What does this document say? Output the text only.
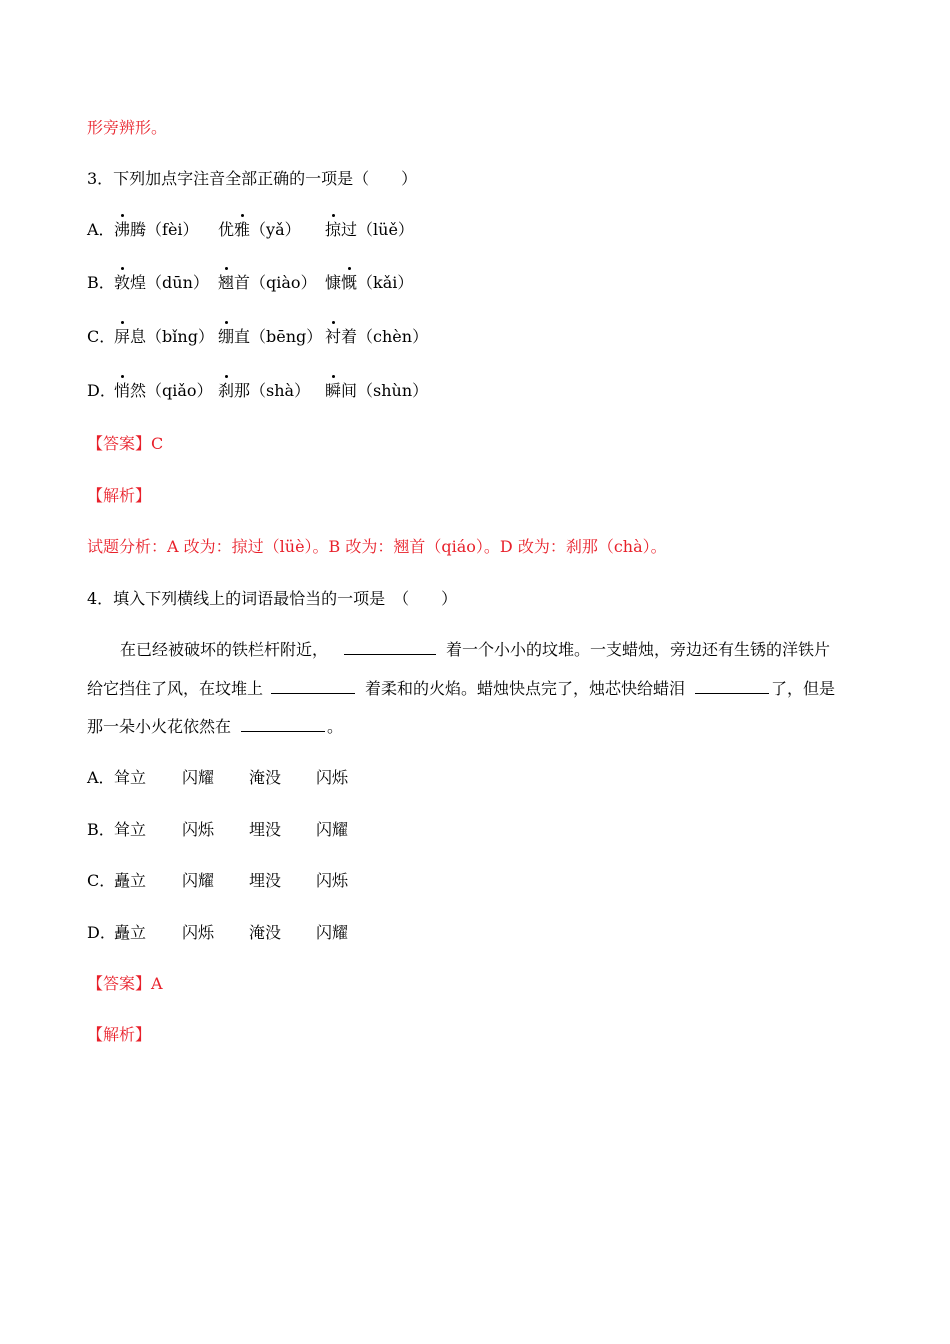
形旁辨形。
3．下列加点字注音全部正确的一项是（　　）
A． 沸腾（fèi） 优雅（yǎ） 掠过（lüě）
B． 敦煌（dūn） 翘首（qiào） 慷慨（kǎi）
C．
屏息（bǐng） 绷直（bēng） 衬着（chèn）
D．
悄然（qiǎo） 刹那（shà） 瞬间（shùn）
【答案】C
【解析】
试题分析：A 改为：掠过（lüè）。B 改为：翘首（qiáo）。D 改为：刹那（chà）。
4．填入下列横线上的词语最恰当的一项是　（　　）
在已经被破坏的铁栏杆附近，	着一个小小的坟堆。一支蜡烛，旁边还有生锈的洋铁片
给它挡住了风，在坟堆上	着柔和的火焰。蜡烛快点完了，烛芯快给蜡泪	了，但是
那一朵小火花依然在	。
A． 耸立 闪耀 淹没 闪烁
B． 耸立 闪烁 埋没 闪耀
C．
矗立 闪耀 埋没 闪烁
D．
矗立 闪烁 淹没 闪耀
【答案】A
【解析】
